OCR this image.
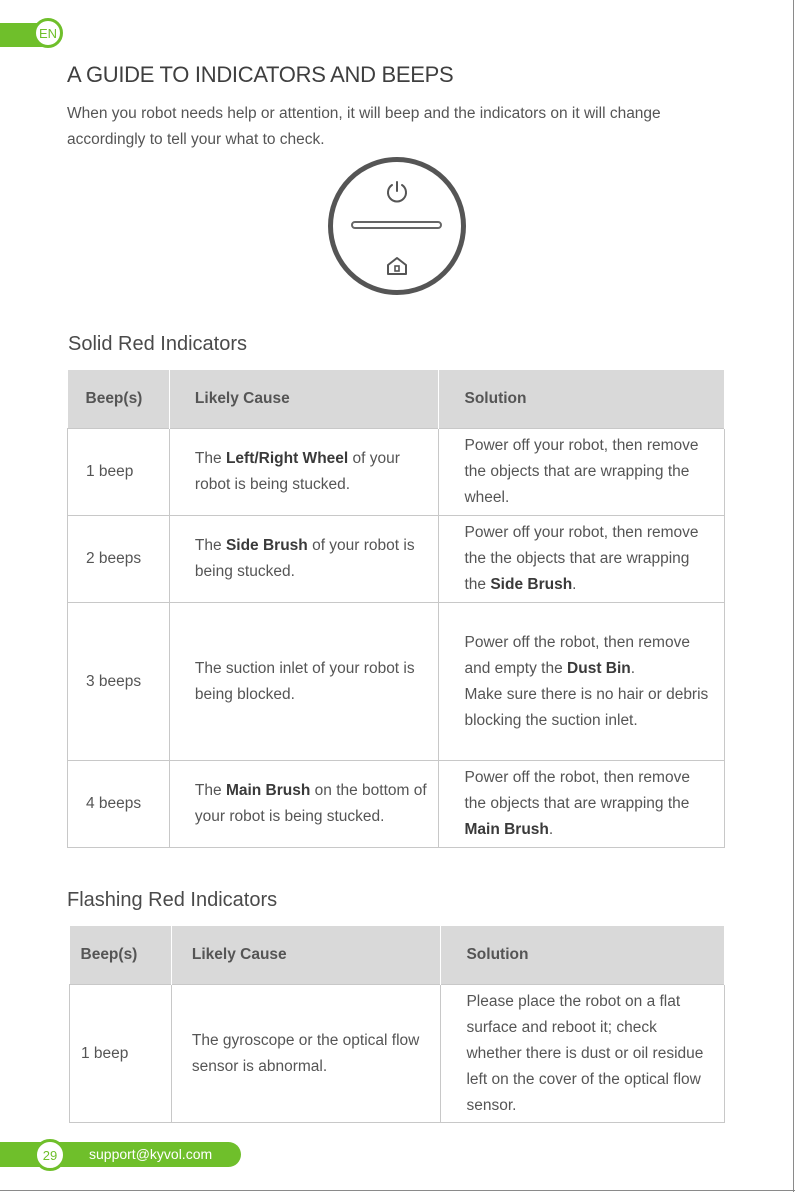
EN
A GUIDE TO INDICATORS AND BEEPS

When you robot needs help or attention, it will beep and the indicators on it will change accordingly to tell your what to check.

Solid Red Indicators
Beep(s)	Likely Cause	Solution
1 beep	The Left/Right Wheel of your robot is being stucked.	Power off your robot, then remove the objects that are wrapping the wheel.
2 beeps	The Side Brush of your robot is being stucked.	Power off your robot, then remove the the objects that are wrapping the Side Brush.
3 beeps	The suction inlet of your robot is being blocked.	Power off the robot, then remove and empty the Dust Bin.
Make sure there is no hair or debris blocking the suction inlet.
4 beeps	The Main Brush on the bottom of your robot is being stucked.	Power off the robot, then remove the objects that are wrapping the Main Brush.
Flashing Red Indicators
Beep(s)	Likely Cause	Solution
1 beep	The gyroscope or the optical flow sensor is abnormal.	Please place the robot on a flat surface and reboot it; check whether there is dust or oil residue left on the cover of the optical flow sensor.
29	support@kyvol.com
